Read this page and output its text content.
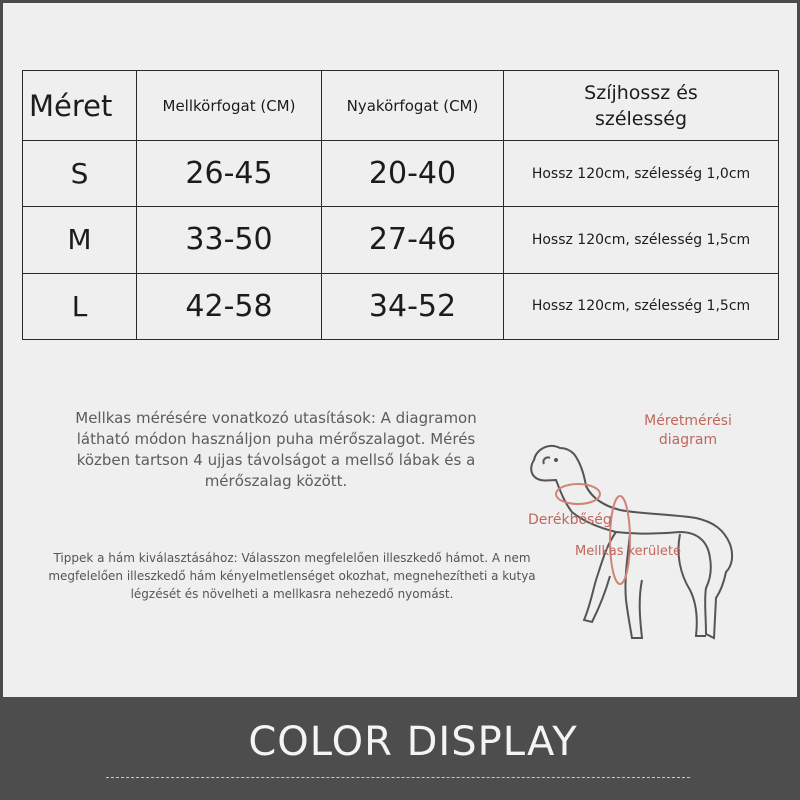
Méret	Mellkörfogat (CM)	Nyakörfogat (CM)	Szíjhossz és
szélesség

S	26-45	20-40	Hossz 120cm, szélesség 1,0cm
M	33-50	27-46	Hossz 120cm, szélesség 1,5cm
L	42-58	34-52	Hossz 120cm, szélesség 1,5cm
Mellkas mérésére vonatkozó utasítások: A diagramon látható módon használjon puha mérőszalagot. Mérés közben tartson 4 ujjas távolságot a mellső lábak és a mérőszalag között.
Tippek a hám kiválasztásához: Válasszon megfelelően illeszkedő hámot. A nem megfelelően illeszkedő hám kényelmetlenséget okozhat, megnehezítheti a kutya légzését és növelheti a mellkasra nehezedő nyomást.
Méretmérési
diagram
Derékbőség
Mellkas kerülete
COLOR DISPLAY
